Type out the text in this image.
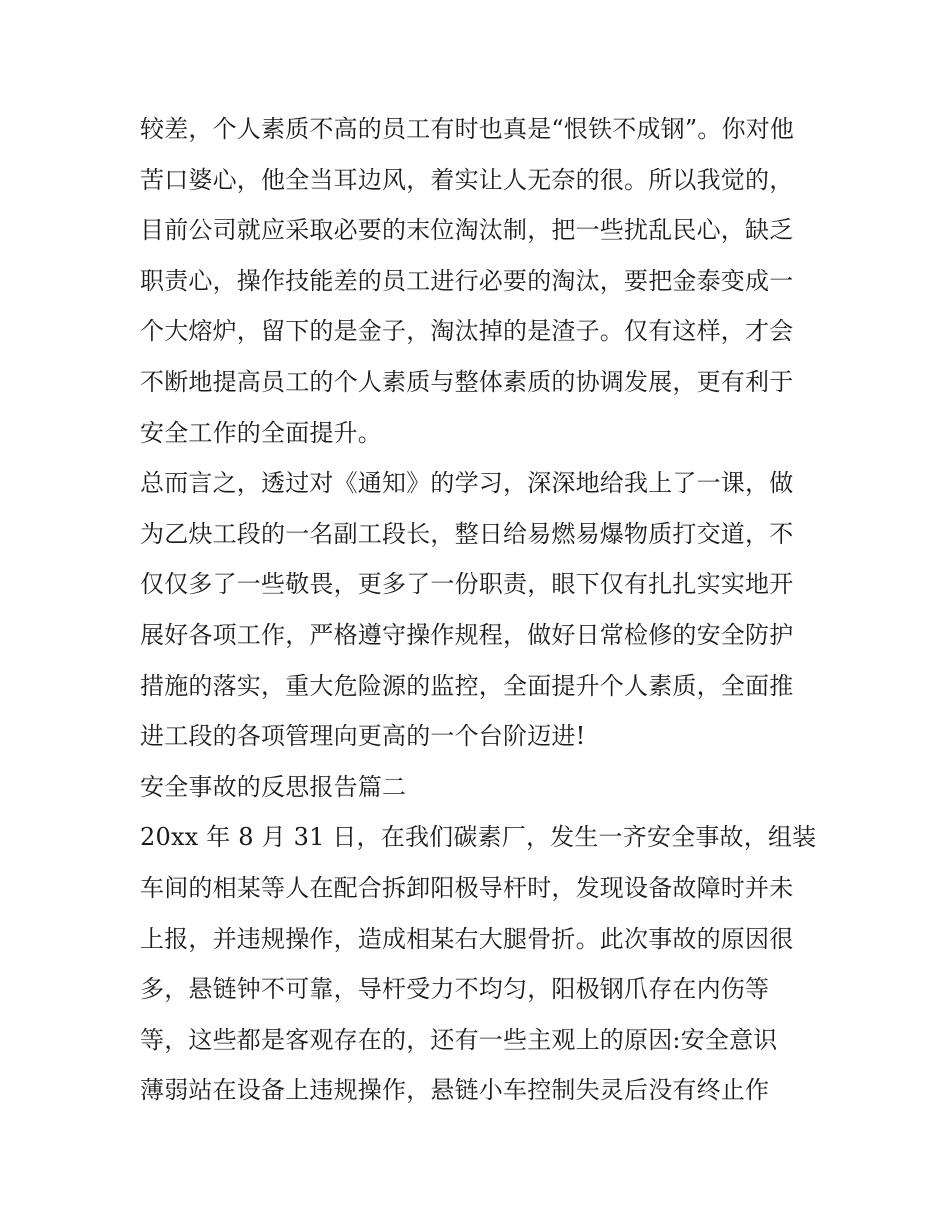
较差，个人素质不高的员工有时也真是“恨铁不成钢”。你对他
苦口婆心，他全当耳边风，着实让人无奈的很。所以我觉的，
目前公司就应采取必要的末位淘汰制，把一些扰乱民心，缺乏
职责心，操作技能差的员工进行必要的淘汰，要把金泰变成一
个大熔炉，留下的是金子，淘汰掉的是渣子。仅有这样，才会
不断地提高员工的个人素质与整体素质的协调发展，更有利于
安全工作的全面提升。
总而言之，透过对《通知》的学习，深深地给我上了一课，做
为乙炔工段的一名副工段长，整日给易燃易爆物质打交道，不
仅仅多了一些敬畏，更多了一份职责，眼下仅有扎扎实实地开
展好各项工作，严格遵守操作规程，做好日常检修的安全防护
措施的落实，重大危险源的监控，全面提升个人素质，全面推
进工段的各项管理向更高的一个台阶迈进!
安全事故的反思报告篇二
20xx 年 8 月 31 日，在我们碳素厂，发生一齐安全事故，组装
车间的相某等人在配合拆卸阳极导杆时，发现设备故障时并未
上报，并违规操作，造成相某右大腿骨折。此次事故的原因很
多，悬链钟不可靠，导杆受力不均匀，阳极钢爪存在内伤等
等，这些都是客观存在的，还有一些主观上的原因:安全意识
薄弱站在设备上违规操作，悬链小车控制失灵后没有终止作
